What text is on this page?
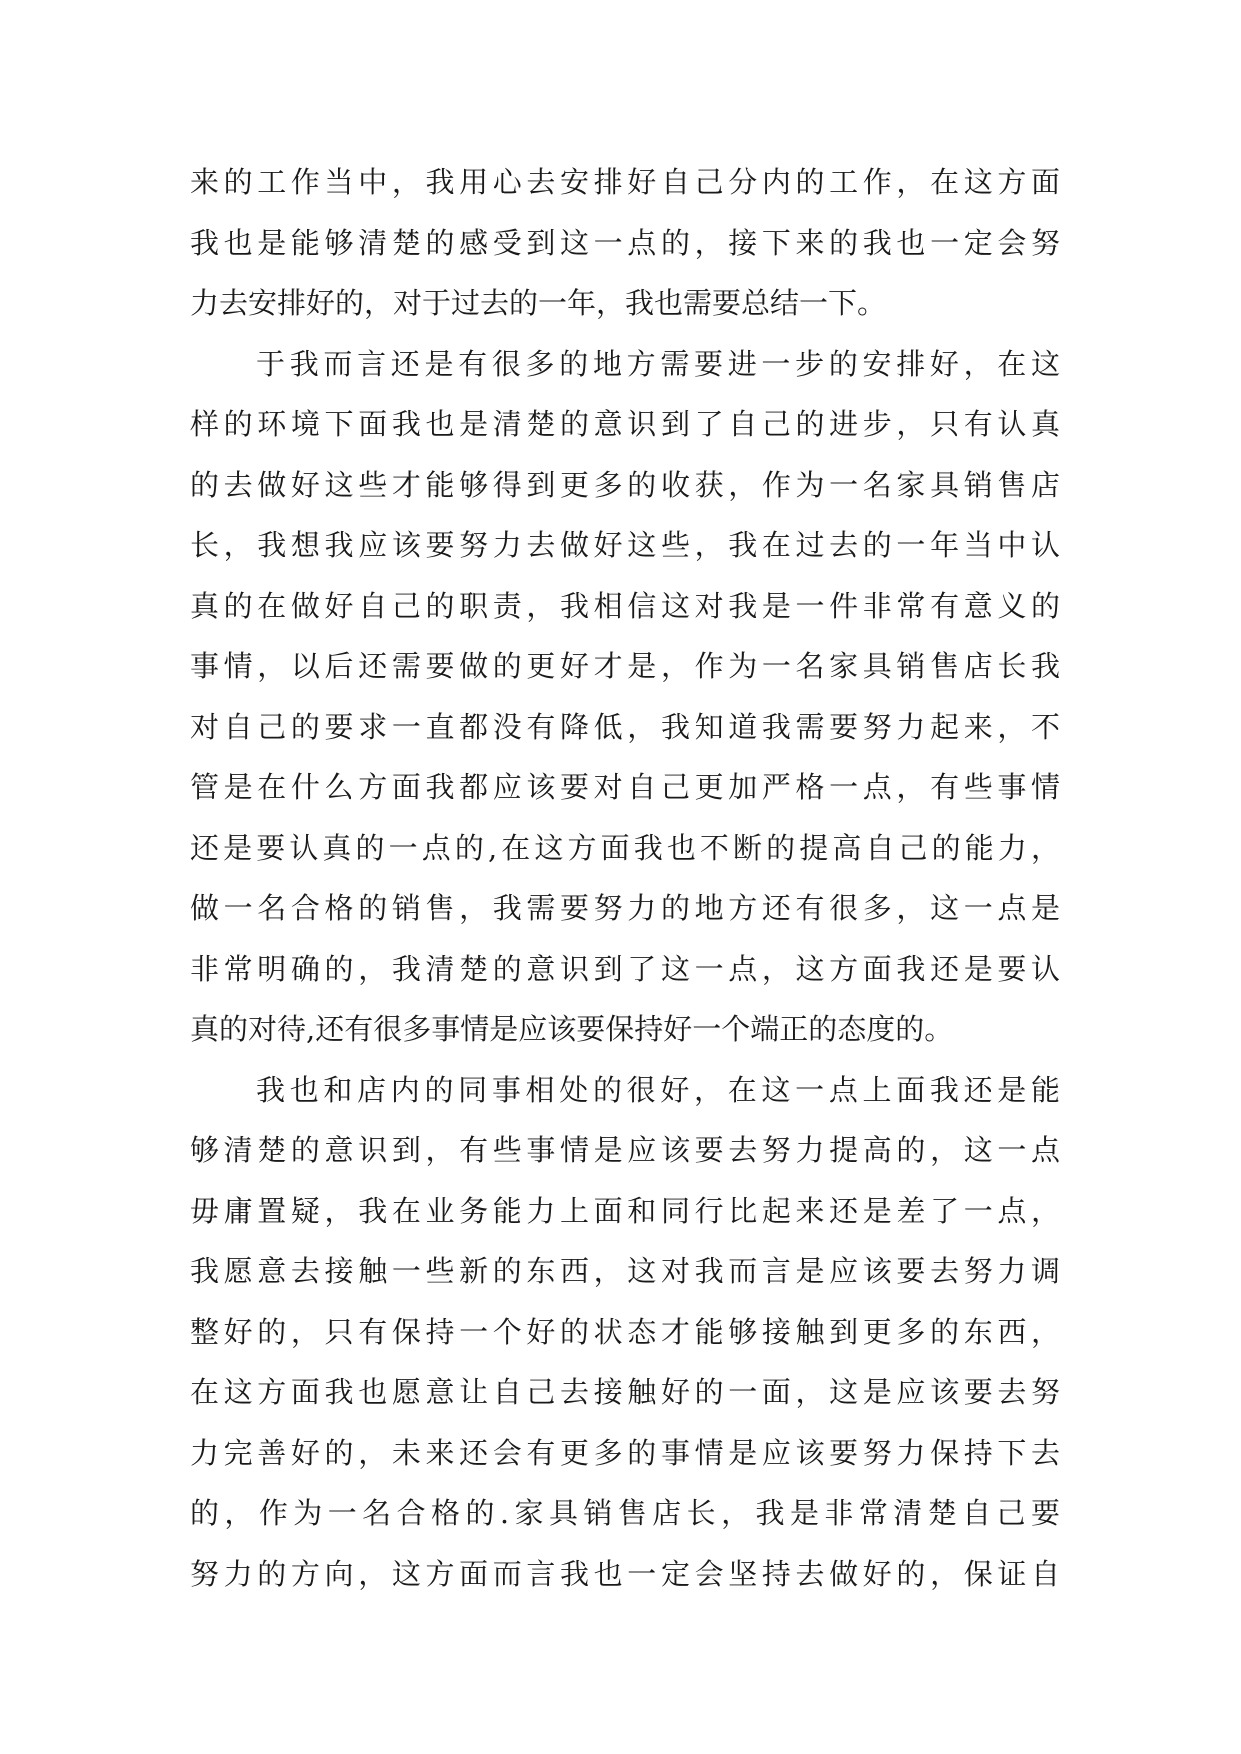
来的工作当中，我用心去安排好自己分内的工作，在这方面
我也是能够清楚的感受到这一点的，接下来的我也一定会努
力去安排好的，对于过去的一年，我也需要总结一下。
于我而言还是有很多的地方需要进一步的安排好，在这
样的环境下面我也是清楚的意识到了自己的进步，只有认真
的去做好这些才能够得到更多的收获，作为一名家具销售店
长，我想我应该要努力去做好这些，我在过去的一年当中认
真的在做好自己的职责，我相信这对我是一件非常有意义的
事情，以后还需要做的更好才是，作为一名家具销售店长我
对自己的要求一直都没有降低，我知道我需要努力起来，不
管是在什么方面我都应该要对自己更加严格一点，有些事情
还是要认真的一点的,在这方面我也不断的提高自己的能力，
做一名合格的销售，我需要努力的地方还有很多，这一点是
非常明确的，我清楚的意识到了这一点，这方面我还是要认
真的对待,还有很多事情是应该要保持好一个端正的态度的。
我也和店内的同事相处的很好，在这一点上面我还是能
够清楚的意识到，有些事情是应该要去努力提高的，这一点
毋庸置疑，我在业务能力上面和同行比起来还是差了一点，
我愿意去接触一些新的东西，这对我而言是应该要去努力调
整好的，只有保持一个好的状态才能够接触到更多的东西，
在这方面我也愿意让自己去接触好的一面，这是应该要去努
力完善好的，未来还会有更多的事情是应该要努力保持下去
的，作为一名合格的.家具销售店长，我是非常清楚自己要
努力的方向，这方面而言我也一定会坚持去做好的，保证自
